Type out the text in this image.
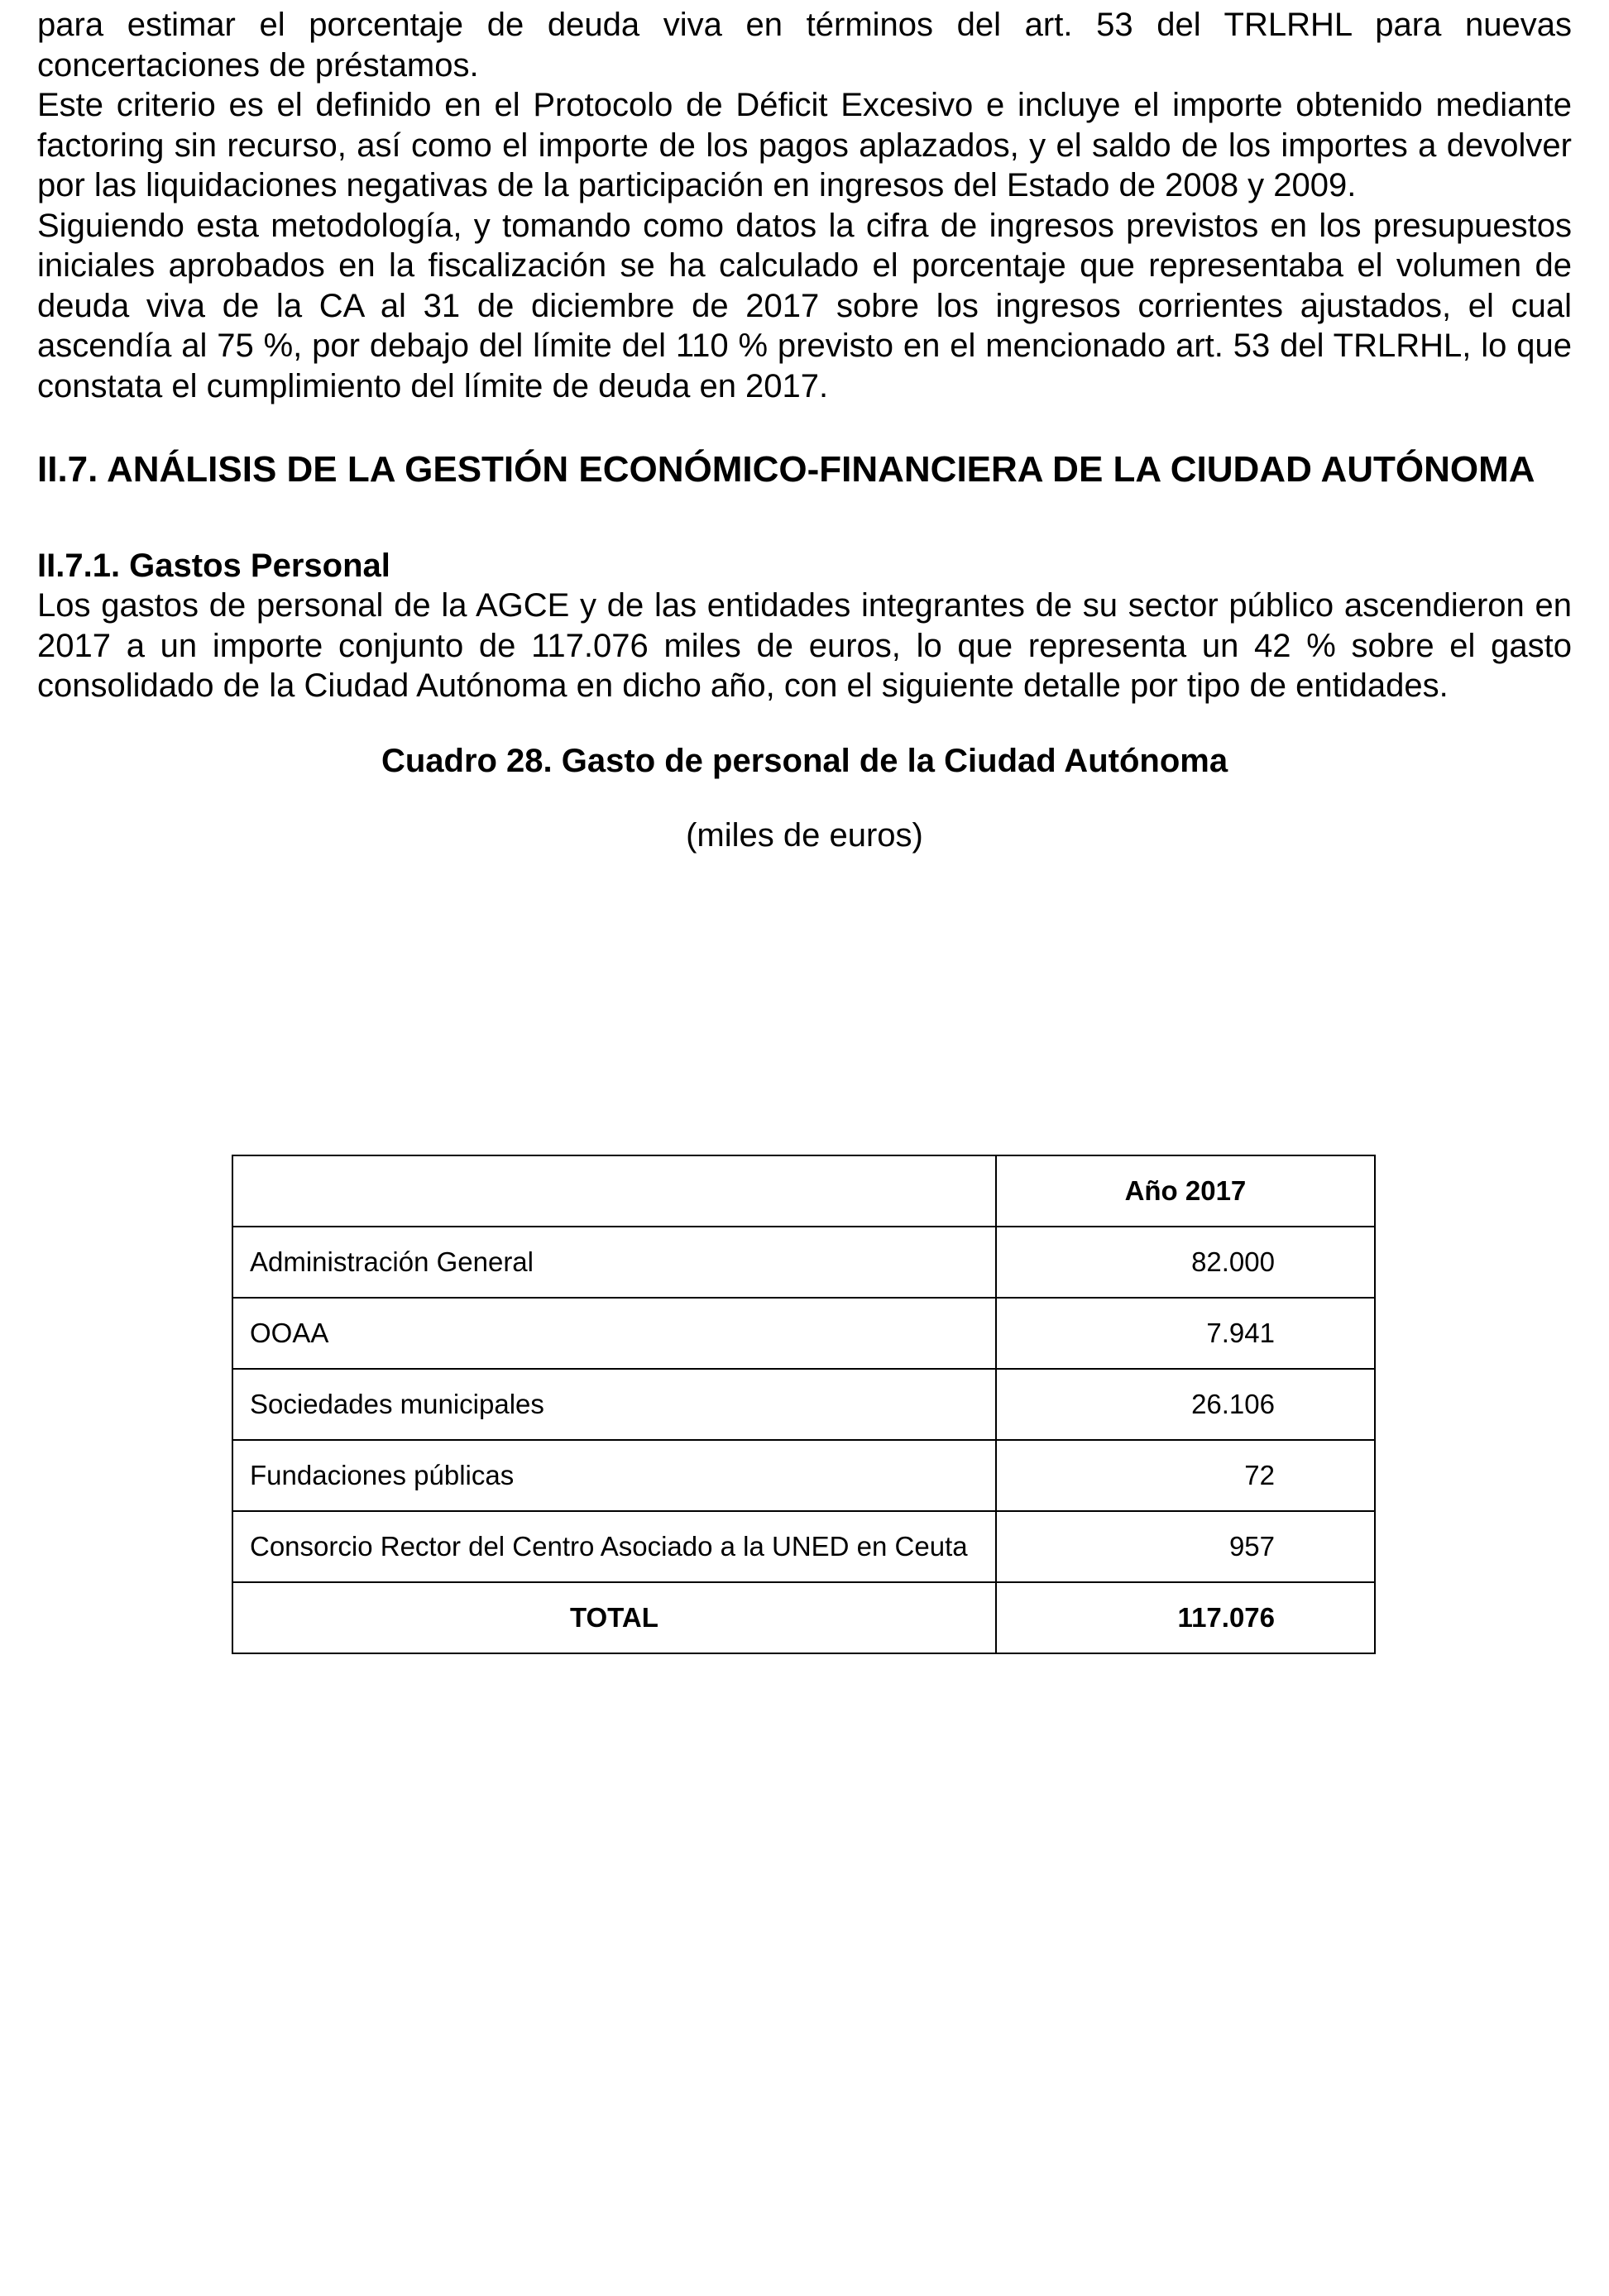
para estimar el porcentaje de deuda viva en términos del art. 53 del TRLRHL para nuevas concertaciones de préstamos.

Este criterio es el definido en el Protocolo de Déficit Excesivo e incluye el importe obtenido mediante factoring sin recurso, así como el importe de los pagos aplazados, y el saldo de los importes a devolver por las liquidaciones negativas de la participación en ingresos del Estado de 2008 y 2009.

Siguiendo esta metodología, y tomando como datos la cifra de ingresos previstos en los presupuestos iniciales aprobados en la fiscalización se ha calculado el porcentaje que representaba el volumen de deuda viva de la CA al 31 de diciembre de 2017 sobre los ingresos corrientes ajustados, el cual ascendía al 75 %, por debajo del límite del 110 % previsto en el mencionado art. 53 del TRLRHL, lo que constata el cumplimiento del límite de deuda en 2017.

II.7. ANÁLISIS DE LA GESTIÓN ECONÓMICO-FINANCIERA DE LA CIUDAD AUTÓNOMA
II.7.1. Gastos Personal

Los gastos de personal de la AGCE y de las entidades integrantes de su sector público ascendieron en 2017 a un importe conjunto de 117.076 miles de euros, lo que representa un 42 % sobre el gasto consolidado de la Ciudad Autónoma en dicho año, con el siguiente detalle por tipo de entidades.

Cuadro 28. Gasto de personal de la Ciudad Autónoma
(miles de euros)
	Año 2017
Administración General	82.000
OOAA	7.941
Sociedades municipales	26.106
Fundaciones públicas	72
Consorcio Rector del Centro Asociado a la UNED en Ceuta	957
TOTAL	117.076
